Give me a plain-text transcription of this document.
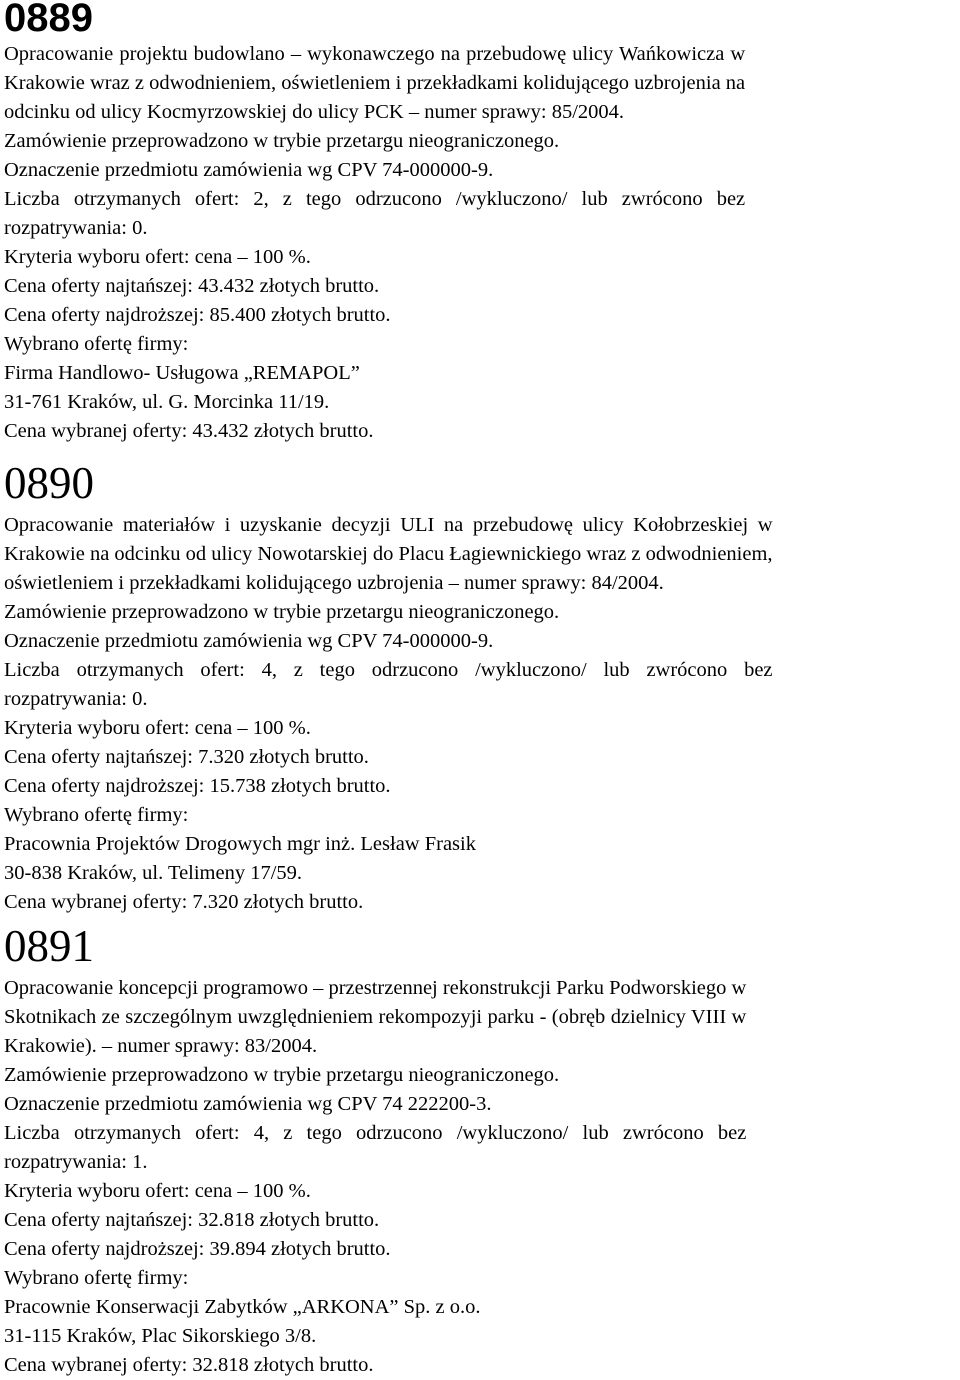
0889

Opracowanie projektu budowlano – wykonawczego na przebudowę ulicy Wańkowicza w

Krakowie wraz z odwodnieniem, oświetleniem i przekładkami kolidującego uzbrojenia na

odcinku od ulicy Kocmyrzowskiej do ulicy PCK – numer sprawy: 85/2004.

Zamówienie przeprowadzono w trybie przetargu nieograniczonego.

Oznaczenie przedmiotu zamówienia wg CPV 74-000000-9.

Liczba otrzymanych ofert: 2, z tego odrzucono /wykluczono/ lub zwrócono bez

rozpatrywania: 0.

Kryteria wyboru ofert: cena – 100 %.

Cena oferty najtańszej: 43.432 złotych brutto.

Cena oferty najdroższej: 85.400 złotych brutto.

Wybrano ofertę firmy:

Firma Handlowo- Usługowa „REMAPOL”

31-761 Kraków, ul. G. Morcinka 11/19.

Cena wybranej oferty: 43.432 złotych brutto.

0890

Opracowanie materiałów i uzyskanie decyzji ULI na przebudowę ulicy Kołobrzeskiej w

Krakowie na odcinku od ulicy Nowotarskiej do Placu Łagiewnickiego wraz z odwodnieniem,

oświetleniem i przekładkami kolidującego uzbrojenia – numer sprawy: 84/2004.

Zamówienie przeprowadzono w trybie przetargu nieograniczonego.

Oznaczenie przedmiotu zamówienia wg CPV 74-000000-9.

Liczba otrzymanych ofert: 4, z tego odrzucono /wykluczono/ lub zwrócono bez

rozpatrywania: 0.

Kryteria wyboru ofert: cena – 100 %.

Cena oferty najtańszej: 7.320 złotych brutto.

Cena oferty najdroższej: 15.738 złotych brutto.

Wybrano ofertę firmy:

Pracownia Projektów Drogowych mgr inż. Lesław Frasik

30-838 Kraków, ul. Telimeny 17/59.

Cena wybranej oferty: 7.320 złotych brutto.

0891

Opracowanie koncepcji programowo – przestrzennej rekonstrukcji Parku Podworskiego w

Skotnikach ze szczególnym uwzględnieniem rekompozyji parku - (obręb dzielnicy VIII w

Krakowie). – numer sprawy: 83/2004.

Zamówienie przeprowadzono w trybie przetargu nieograniczonego.

Oznaczenie przedmiotu zamówienia wg CPV 74 222200-3.

Liczba otrzymanych ofert: 4, z tego odrzucono /wykluczono/ lub zwrócono bez

rozpatrywania: 1.

Kryteria wyboru ofert: cena – 100 %.

Cena oferty najtańszej: 32.818 złotych brutto.

Cena oferty najdroższej: 39.894 złotych brutto.

Wybrano ofertę firmy:

Pracownie Konserwacji Zabytków „ARKONA” Sp. z o.o.

31-115 Kraków, Plac Sikorskiego 3/8.

Cena wybranej oferty: 32.818 złotych brutto.
